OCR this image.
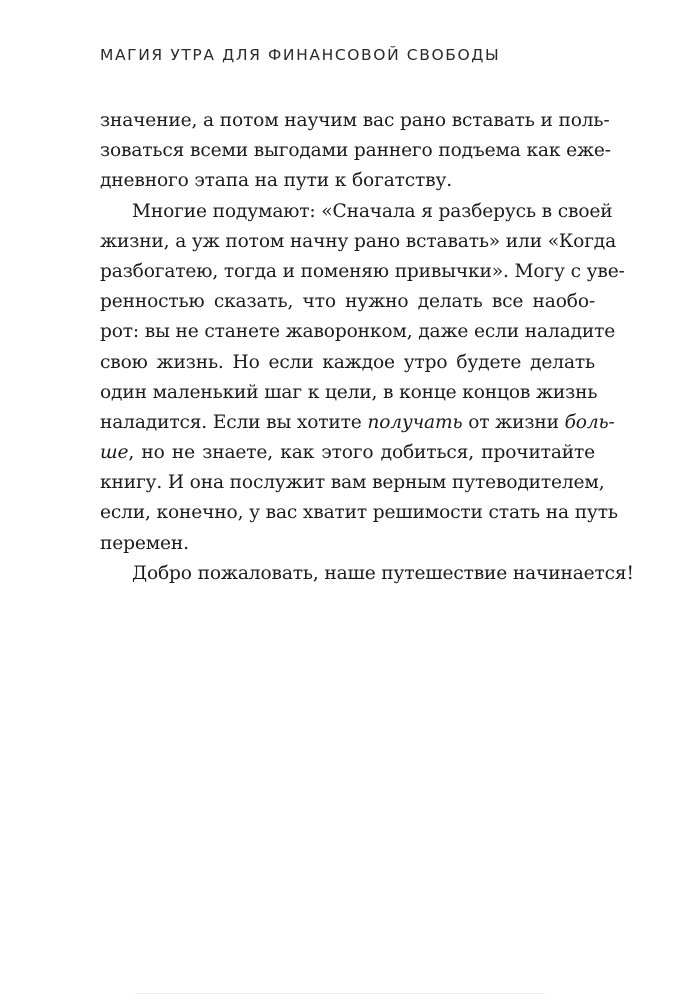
МАГИЯ УТРА ДЛЯ ФИНАНСОВОЙ СВОБОДЫ
значение, а потом научим вас рано вставать и поль-
зоваться всеми выгодами раннего подъема как еже-
дневного этапа на пути к богатству.
Многие подумают: «Сначала я разберусь в своей
жизни, а уж потом начну рано вставать» или «Когда
разбогатею, тогда и поменяю привычки». Могу с уве-
ренностью сказать, что нужно делать все наобо-
рот: вы не станете жаворонком, даже если наладите
свою жизнь. Но если каждое утро будете делать
один маленький шаг к цели, в конце концов жизнь
наладится. Если вы хотите получать от жизни боль-
ше, но не знаете, как этого добиться, прочитайте
книгу. И она послужит вам верным путеводителем,
если, конечно, у вас хватит решимости стать на путь
перемен.
Добро пожаловать, наше путешествие начинается!
